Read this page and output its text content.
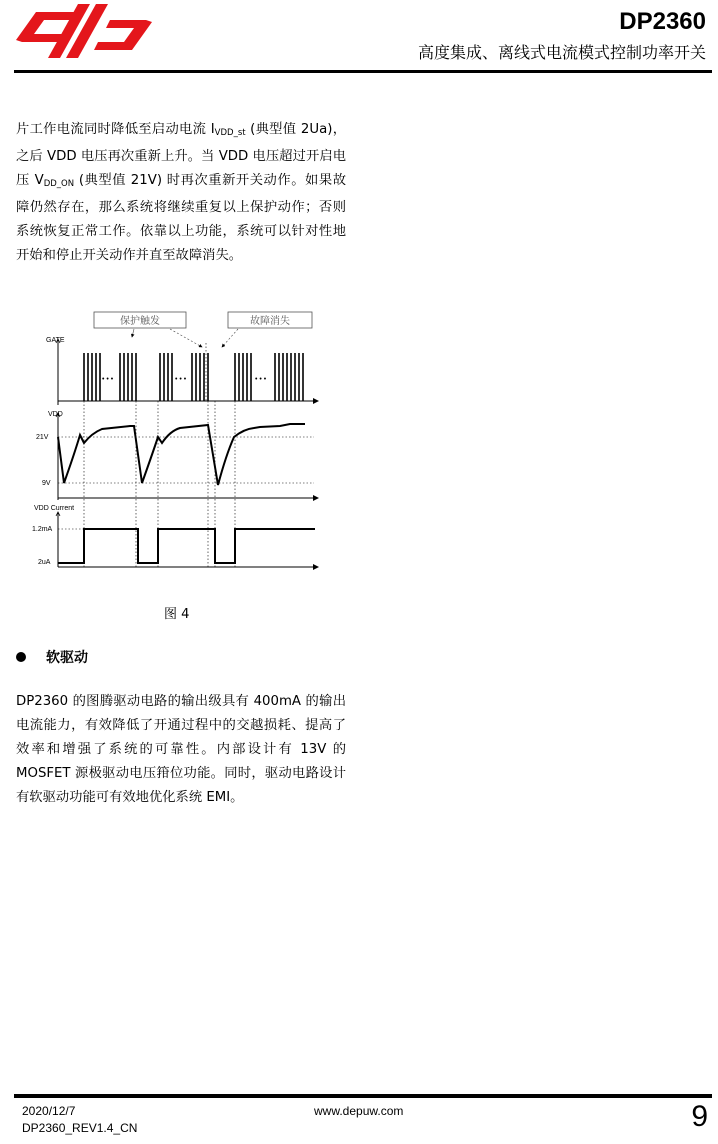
DP2360
高度集成、离线式电流模式控制功率开关

片工作电流同时降低至启动电流 $I_{VDD\_st}$ (典型值 2Ua)，之后 VDD 电压再次重新上升。当 VDD 电压超过开启电压 $V_{DD\_ON}$ (典型值 21V) 时再次重新开关动作。如果故障仍然存在，那么系统将继续重复以上保护动作；否则系统恢复正常工作。依靠以上功能，系统可以针对性地开始和停止开关动作并直至故障消失。

保护触发	故障消失
GATE
• • •	• • •	• • •
VDD
21V
9V
VDD Current
1.2mA
2uA
图 4
软驱动

DP2360 的图腾驱动电路的输出级具有 400mA 的输出电流能力，有效降低了开通过程中的交越损耗、提高了效率和增强了系统的可靠性。内部设计有 13V 的 MOSFET 源极驱动电压箝位功能。同时，驱动电路设计有软驱动功能可有效地优化系统 EMI。

2020/12/7
DP2360_REV1.4_CN
www.depuw.com	9
